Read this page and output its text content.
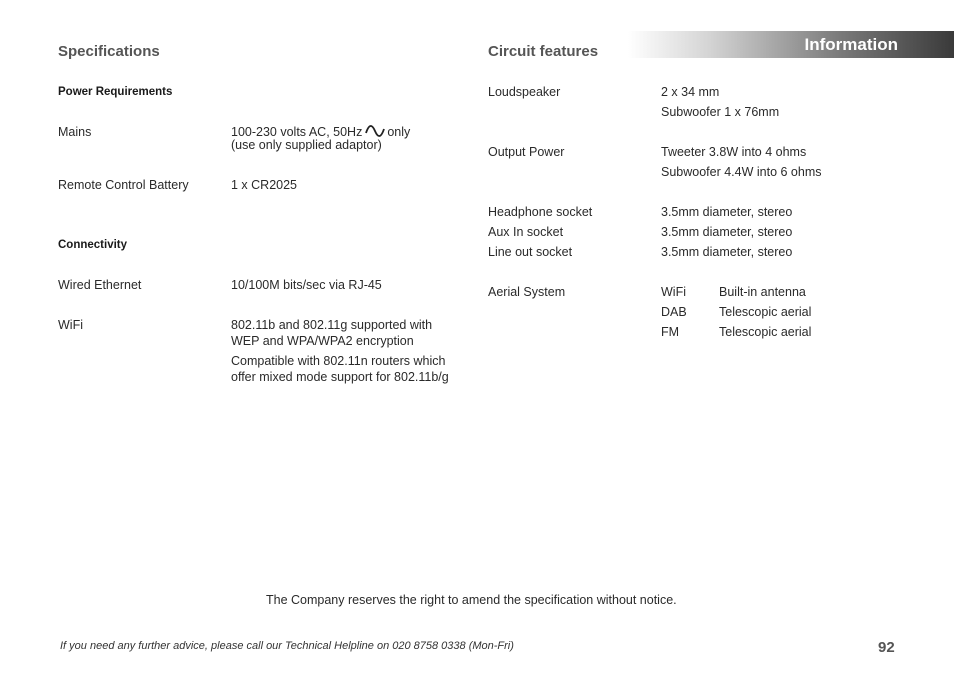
Information
Specifications
Power Requirements
Mains	100-230 volts AC, 50Hz only
(use only supplied adaptor)
Remote Control Battery	1 x CR2025
Connectivity
Wired Ethernet	10/100M bits/sec via RJ-45
WiFi	802.11b and 802.11g supported with
WEP and WPA/WPA2 encryption
Compatible with 802.11n routers which
offer mixed mode support for 802.11b/g
Circuit features
Loudspeaker	2 x 34 mm
Subwoofer 1 x 76mm
Output Power	Tweeter 3.8W into 4 ohms
Subwoofer 4.4W into 6 ohms
Headphone socket	3.5mm diameter, stereo
Aux In socket	3.5mm diameter, stereo
Line out socket	3.5mm diameter, stereo
Aerial System	WiFi	Built-in antenna
DAB	Telescopic aerial
FM	Telescopic aerial
The Company reserves the right to amend the specification without notice.
If you need any further advice, please call our Technical Helpline on 020 8758 0338 (Mon-Fri)	92
